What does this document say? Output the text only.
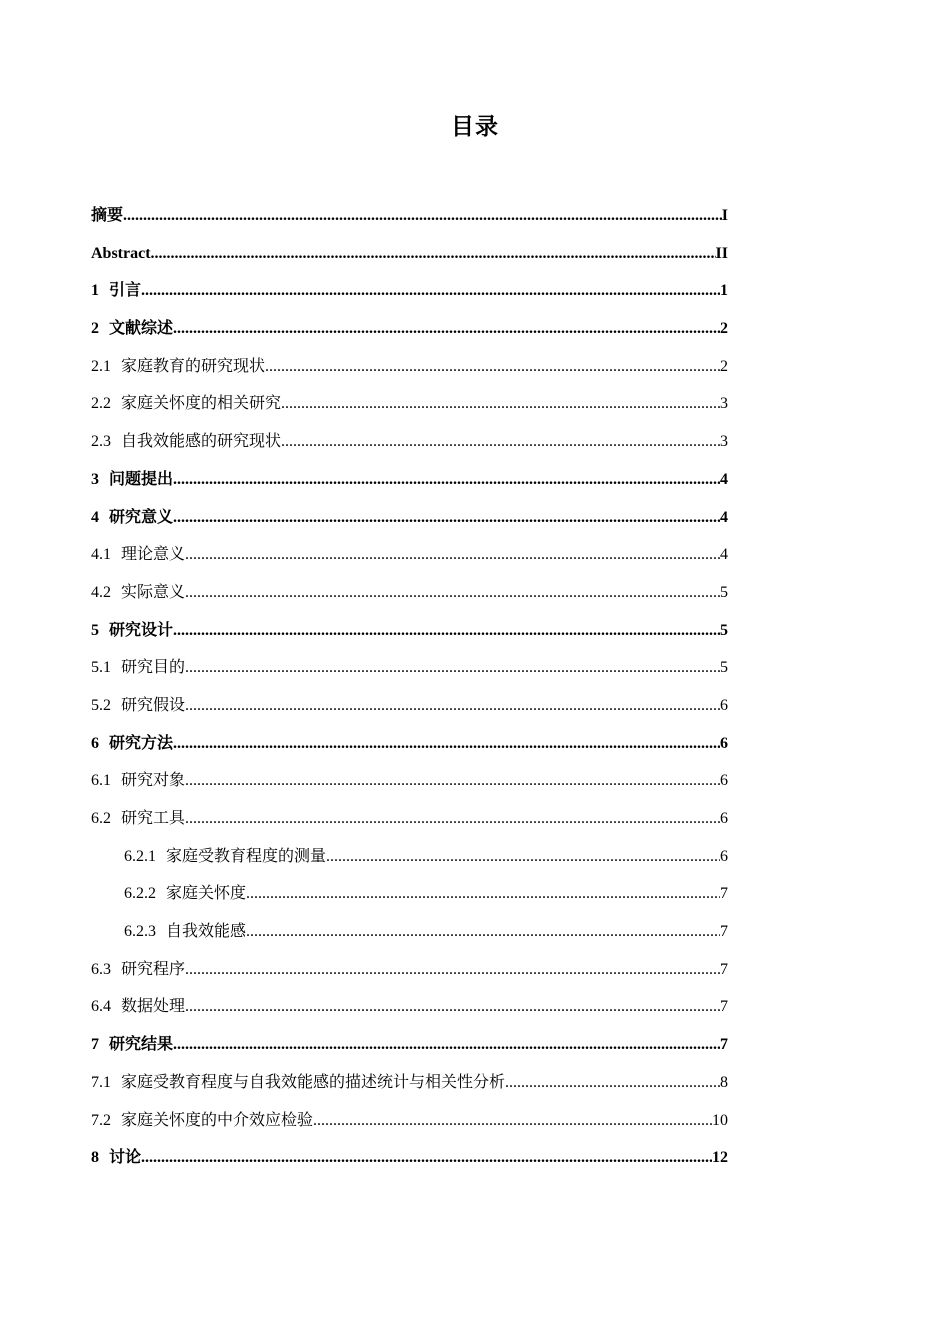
目录
摘要 .....	I
Abstract .....	II
1 引言 .....	1
2 文献综述 .....	2
2.1 家庭教育的研究现状 .....	2
2.2 家庭关怀度的相关研究 .....	3
2.3 自我效能感的研究现状 .....	3
3 问题提出 .....	4
4 研究意义 .....	4
4.1 理论意义 .....	4
4.2 实际意义 .....	5
5 研究设计 .....	5
5.1 研究目的 .....	5
5.2 研究假设 .....	6
6 研究方法 .....	6
6.1 研究对象 .....	6
6.2 研究工具 .....	6
6.2.1 家庭受教育程度的测量 .....	6
6.2.2 家庭关怀度 .....	7
6.2.3 自我效能感 .....	7
6.3 研究程序 .....	7
6.4 数据处理 .....	7
7 研究结果 .....	7
7.1 家庭受教育程度与自我效能感的描述统计与相关性分析 .....	8
7.2 家庭关怀度的中介效应检验 .....	10
8 讨论 .....	12
